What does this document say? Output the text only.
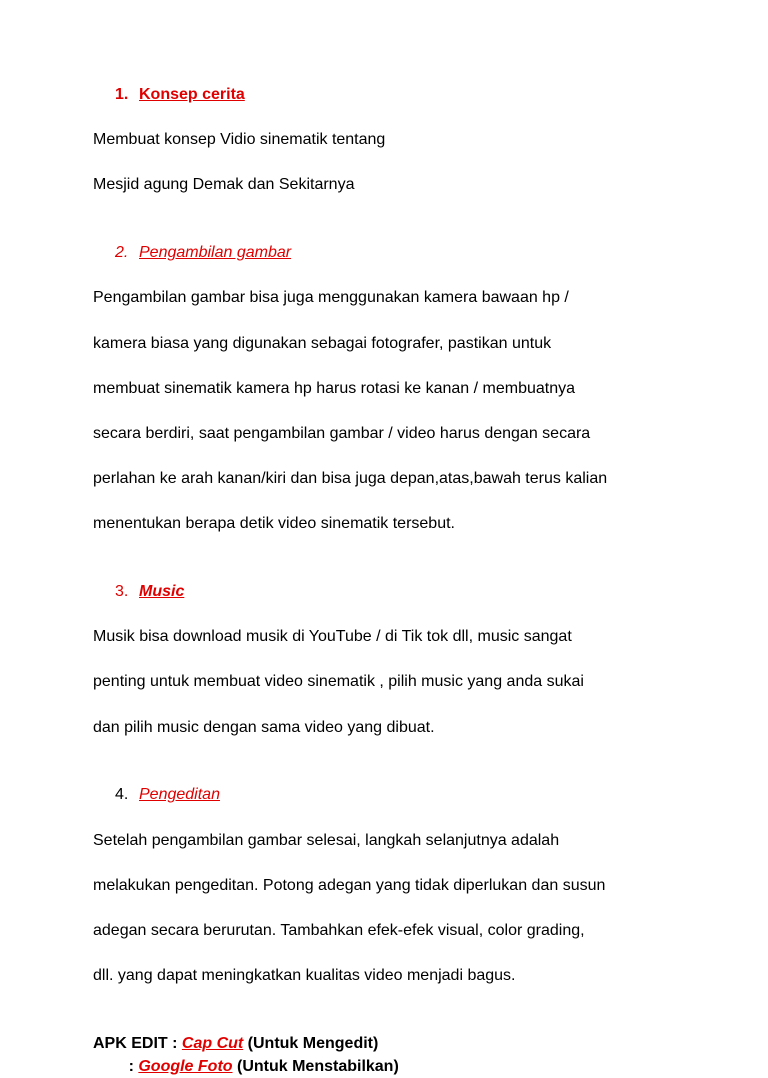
1. Konsep cerita

Membuat konsep Vidio sinematik tentang

Mesjid agung Demak dan Sekitarnya

2. Pengambilan gambar

Pengambilan gambar bisa juga menggunakan kamera bawaan hp /

kamera biasa yang digunakan sebagai fotografer, pastikan untuk

membuat sinematik kamera hp harus rotasi ke kanan / membuatnya

secara berdiri, saat pengambilan gambar / video harus dengan secara

perlahan ke arah kanan/kiri dan bisa juga depan,atas,bawah terus kalian

menentukan berapa detik video sinematik tersebut.

3. Music

Musik bisa download musik di YouTube / di Tik tok dll, music sangat

penting untuk membuat video sinematik , pilih music yang anda sukai

dan pilih music dengan sama video yang dibuat.

4. Pengeditan

Setelah pengambilan gambar selesai, langkah selanjutnya adalah

melakukan pengeditan. Potong adegan yang tidak diperlukan dan susun

adegan secara berurutan. Tambahkan efek-efek visual, color grading,

dll. yang dapat meningkatkan kualitas video menjadi bagus.

APK EDIT : Cap Cut (Untuk Mengedit)
: Google Foto (Untuk Menstabilkan)
